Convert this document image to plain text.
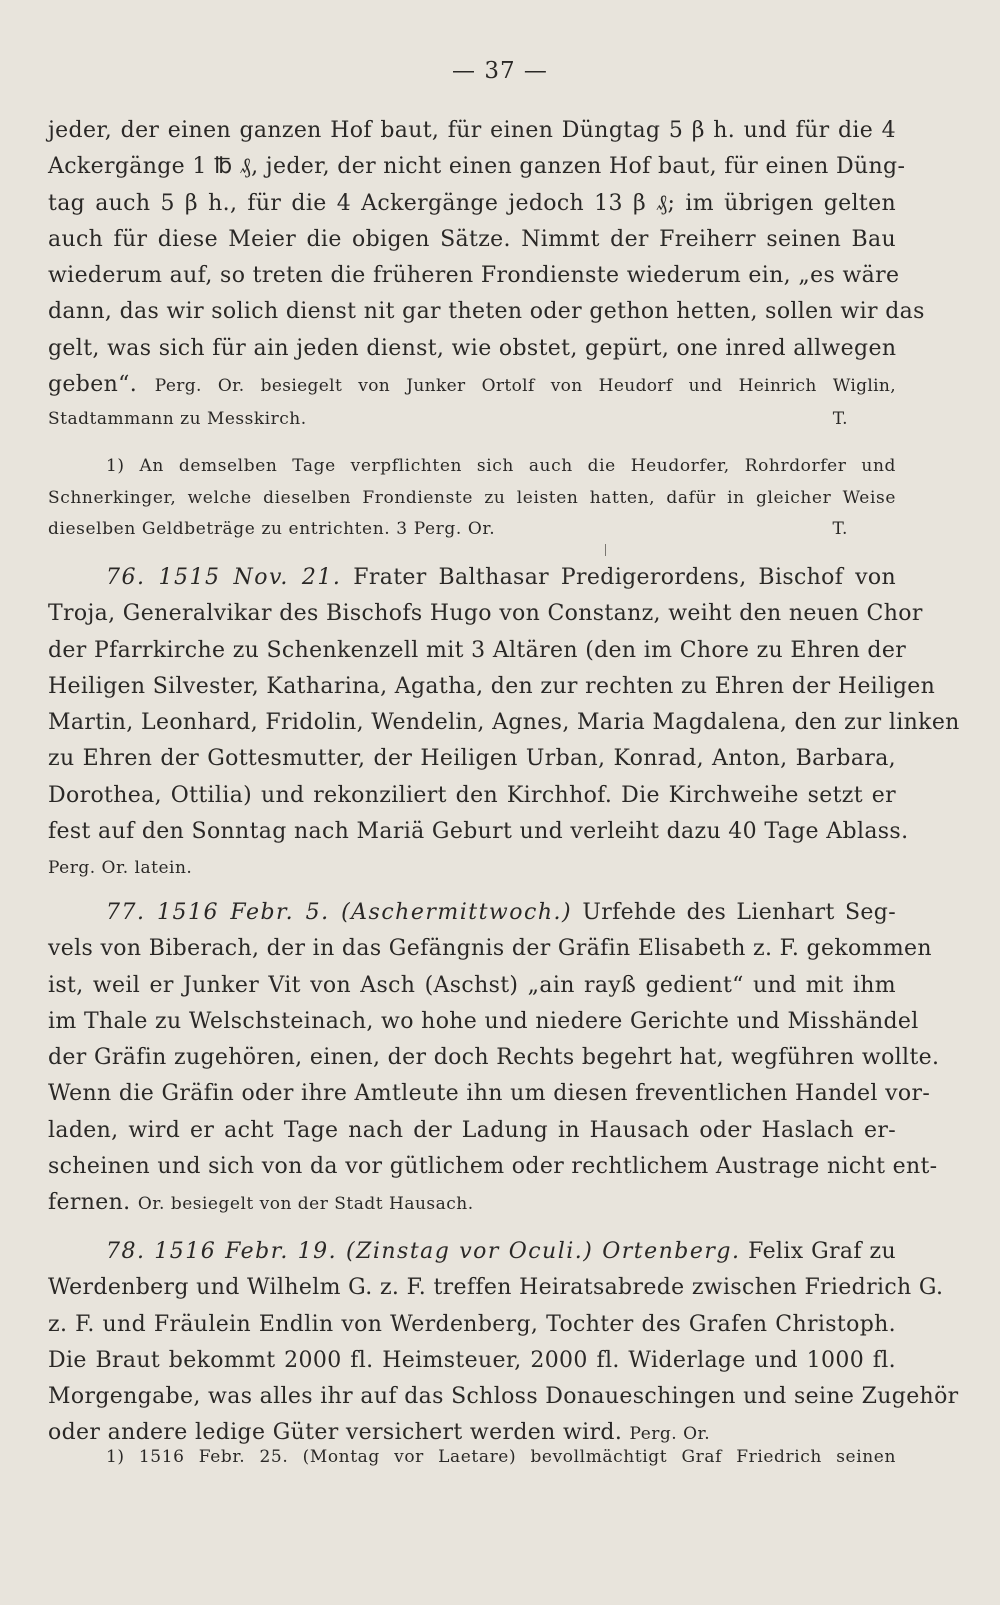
— 37 —
jeder, der einen ganzen Hof baut, für einen Düngtag 5 β h. und für die 4
Ackergänge 1 ℔ ₰, jeder, der nicht einen ganzen Hof baut, für einen Düng-
tag auch 5 β h., für die 4 Ackergänge jedoch 13 β ₰; im übrigen gelten
auch für diese Meier die obigen Sätze. Nimmt der Freiherr seinen Bau
wiederum auf, so treten die früheren Frondienste wiederum ein, „es wäre
dann, das wir solich dienst nit gar theten oder gethon hetten, sollen wir das
gelt, was sich für ain jeden dienst, wie obstet, gepürt, one inred allwegen
geben“. Perg. Or. besiegelt von Junker Ortolf von Heudorf und Heinrich Wiglin,
Stadtammann zu Messkirch.	T.
1) An demselben Tage verpflichten sich auch die Heudorfer, Rohrdorfer und
Schnerkinger, welche dieselben Frondienste zu leisten hatten, dafür in gleicher Weise
dieselben Geldbeträge zu entrichten. 3 Perg. Or.	T.
76. 1515 Nov. 21. Frater Balthasar Predigerordens, Bischof von
Troja, Generalvikar des Bischofs Hugo von Constanz, weiht den neuen Chor
der Pfarrkirche zu Schenkenzell mit 3 Altären (den im Chore zu Ehren der
Heiligen Silvester, Katharina, Agatha, den zur rechten zu Ehren der Heiligen
Martin, Leonhard, Fridolin, Wendelin, Agnes, Maria Magdalena, den zur linken
zu Ehren der Gottesmutter, der Heiligen Urban, Konrad, Anton, Barbara,
Dorothea, Ottilia) und rekonziliert den Kirchhof. Die Kirchweihe setzt er
fest auf den Sonntag nach Mariä Geburt und verleiht dazu 40 Tage Ablass.
Perg. Or. latein.
77. 1516 Febr. 5. (Aschermittwoch.) Urfehde des Lienhart Seg-
vels von Biberach, der in das Gefängnis der Gräfin Elisabeth z. F. gekommen
ist, weil er Junker Vit von Asch (Aschst) „ain rayß gedient“ und mit ihm
im Thale zu Welschsteinach, wo hohe und niedere Gerichte und Misshändel
der Gräfin zugehören, einen, der doch Rechts begehrt hat, wegführen wollte.
Wenn die Gräfin oder ihre Amtleute ihn um diesen freventlichen Handel vor-
laden, wird er acht Tage nach der Ladung in Hausach oder Haslach er-
scheinen und sich von da vor gütlichem oder rechtlichem Austrage nicht ent-
fernen. Or. besiegelt von der Stadt Hausach.
78. 1516 Febr. 19. (Zinstag vor Oculi.) Ortenberg. Felix Graf zu
Werdenberg und Wilhelm G. z. F. treffen Heiratsabrede zwischen Friedrich G.
z. F. und Fräulein Endlin von Werdenberg, Tochter des Grafen Christoph.
Die Braut bekommt 2000 fl. Heimsteuer, 2000 fl. Widerlage und 1000 fl.
Morgengabe, was alles ihr auf das Schloss Donaueschingen und seine Zugehör
oder andere ledige Güter versichert werden wird. Perg. Or.
1) 1516 Febr. 25. (Montag vor Laetare) bevollmächtigt Graf Friedrich seinen
